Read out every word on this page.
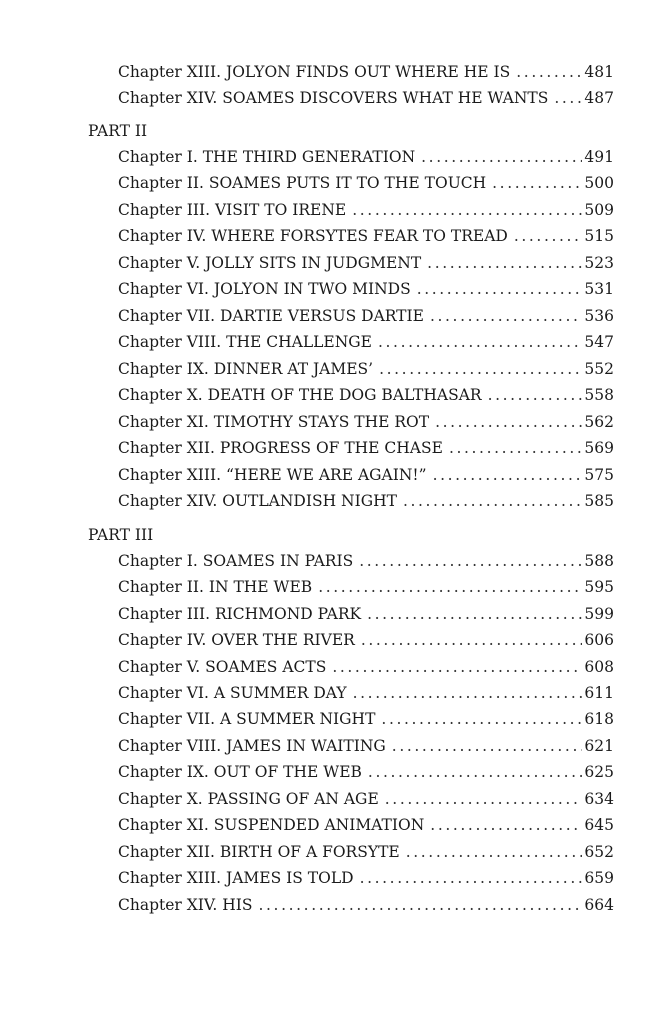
Chapter XIII. JOLYON FINDS OUT WHERE HE IS .....	481
Chapter XIV. SOAMES DISCOVERS WHAT HE WANTS ..... 487
PART II
Chapter I. THE THIRD GENERATION .....	491
Chapter II. SOAMES PUTS IT TO THE TOUCH .....	500
Chapter III. VISIT TO IRENE .....	509
Chapter IV. WHERE FORSYTES FEAR TO TREAD .....	515
Chapter V. JOLLY SITS IN JUDGMENT .....	523
Chapter VI. JOLYON IN TWO MINDS .....	531
Chapter VII. DARTIE VERSUS DARTIE .....	536
Chapter VIII. THE CHALLENGE .....	547
Chapter IX. DINNER AT JAMES’ .....	552
Chapter X. DEATH OF THE DOG BALTHASAR .....	558
Chapter XI. TIMOTHY STAYS THE ROT .....	562
Chapter XII. PROGRESS OF THE CHASE .....	569
Chapter XIII. “HERE WE ARE AGAIN!” .....	575
Chapter XIV. OUTLANDISH NIGHT .....	585
PART III
Chapter I. SOAMES IN PARIS .....	588
Chapter II. IN THE WEB .....	595
Chapter III. RICHMOND PARK .....	599
Chapter IV. OVER THE RIVER .....	606
Chapter V. SOAMES ACTS .....	608
Chapter VI. A SUMMER DAY .....	611
Chapter VII. A SUMMER NIGHT .....	618
Chapter VIII. JAMES IN WAITING .....	621
Chapter IX. OUT OF THE WEB .....	625
Chapter X. PASSING OF AN AGE .....	634
Chapter XI. SUSPENDED ANIMATION .....	645
Chapter XII. BIRTH OF A FORSYTE .....	652
Chapter XIII. JAMES IS TOLD .....	659
Chapter XIV. HIS .....	664
